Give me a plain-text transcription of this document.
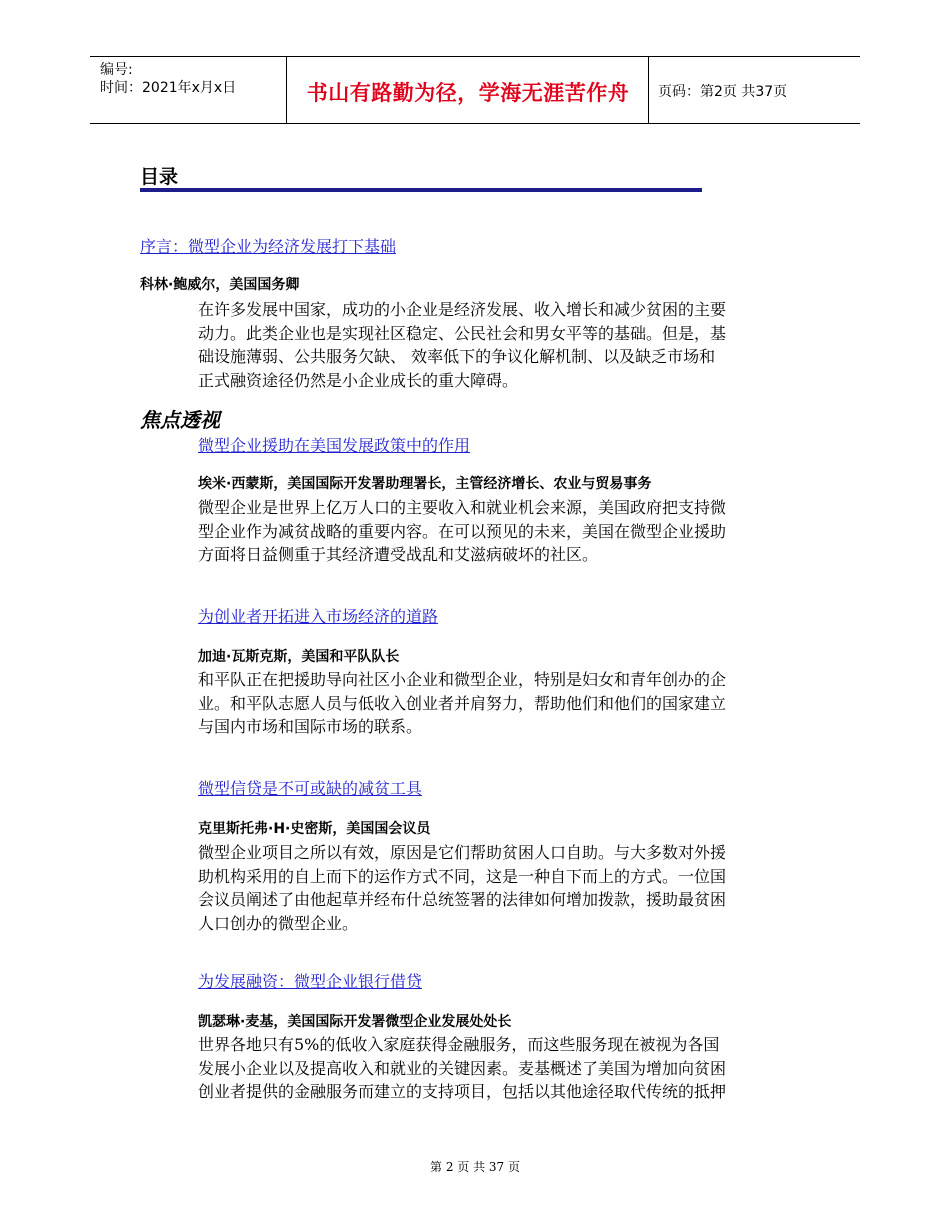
编号:
时间：2021年x月x日	书山有路勤为径，学海无涯苦作舟	页码：第2页 共37页
目录
序言：微型企业为经济发展打下基础
科林·鲍威尔，美国国务卿
在许多发展中国家，成功的小企业是经济发展、收入增长和减少贫困的主要
动力。此类企业也是实现社区稳定、公民社会和男女平等的基础。但是，基
础设施薄弱、公共服务欠缺、 效率低下的争议化解机制、以及缺乏市场和
正式融资途径仍然是小企业成长的重大障碍。
焦点透视
微型企业援助在美国发展政策中的作用
埃米·西蒙斯，美国国际开发署助理署长，主管经济增长、农业与贸易事务
微型企业是世界上亿万人口的主要收入和就业机会来源，美国政府把支持微
型企业作为减贫战略的重要内容。在可以预见的未来，美国在微型企业援助
方面将日益侧重于其经济遭受战乱和艾滋病破坏的社区。
为创业者开拓进入市场经济的道路
加迪·瓦斯克斯，美国和平队队长
和平队正在把援助导向社区小企业和微型企业，特别是妇女和青年创办的企
业。和平队志愿人员与低收入创业者并肩努力，帮助他们和他们的国家建立
与国内市场和国际市场的联系。
微型信贷是不可或缺的减贫工具
克里斯托弗·H·史密斯，美国国会议员
微型企业项目之所以有效，原因是它们帮助贫困人口自助。与大多数对外援
助机构采用的自上而下的运作方式不同，这是一种自下而上的方式。一位国
会议员阐述了由他起草并经布什总统签署的法律如何增加拨款，援助最贫困
人口创办的微型企业。
为发展融资：微型企业银行借贷
凯瑟琳·麦基，美国国际开发署微型企业发展处处长
世界各地只有5%的低收入家庭获得金融服务，而这些服务现在被视为各国
发展小企业以及提高收入和就业的关键因素。麦基概述了美国为增加向贫困
创业者提供的金融服务而建立的支持项目，包括以其他途径取代传统的抵押
第 2 页 共 37 页
